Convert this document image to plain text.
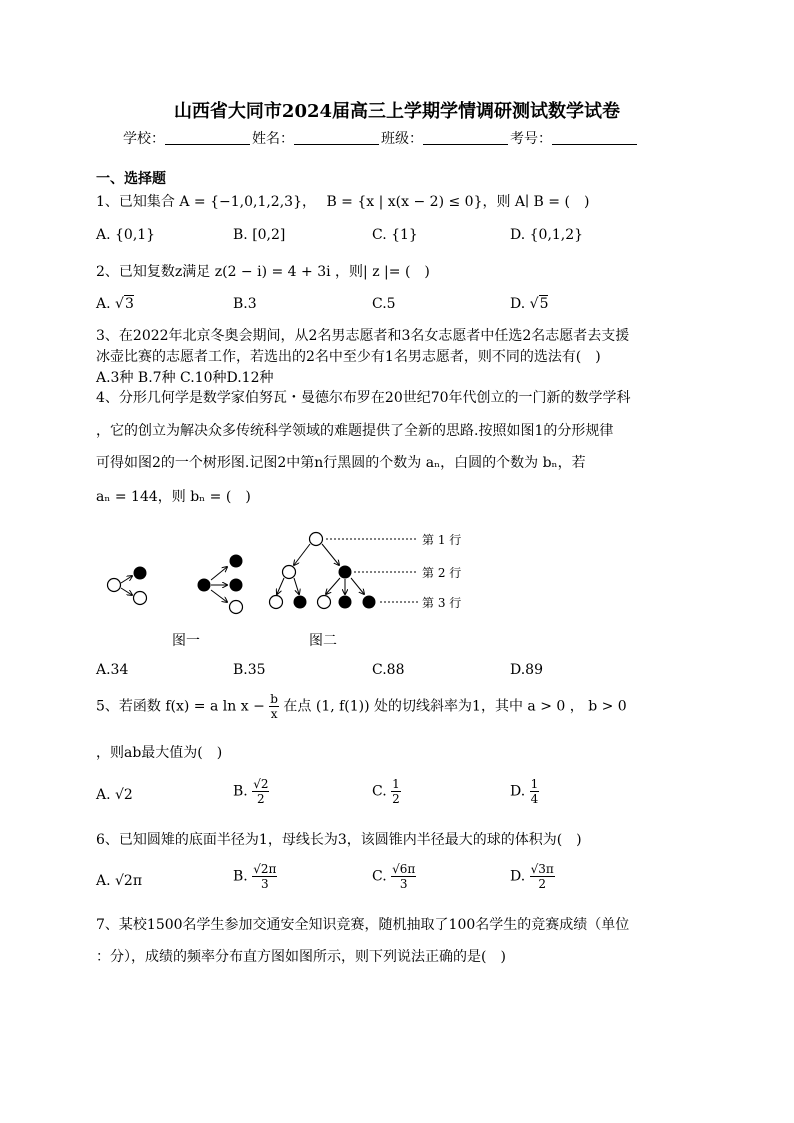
山西省大同市2024届高三上学期学情调研测试数学试卷
学校：	姓名：	班级：	考号：
一、选择题
1、已知集合 A = {−1,0,1,2,3}， B = {x | x(x − 2) ≤ 0}，则 A∣ B = (　)
A. {0,1}	B. [0,2]	C. {1}	D. {0,1,2}
2、已知复数z满足 z(2 − i) = 4 + 3i ，则| z |= (　)
A. √3	B.3	C.5	D. √5
3、在2022年北京冬奥会期间，从2名男志愿者和3名女志愿者中任选2名志愿者去支援
冰壶比赛的志愿者工作，若选出的2名中至少有1名男志愿者，则不同的选法有(　)
A.3种 B.7种 C.10种D.12种
4、分形几何学是数学家伯努瓦・曼德尔布罗在20世纪70年代创立的一门新的数学学科
，它的创立为解决众多传统科学领域的难题提供了全新的思路.按照如图1的分形规律
可得如图2的一个树形图.记图2中第n行黑圆的个数为 aₙ，白圆的个数为 bₙ，若
aₙ = 144，则 bₙ = (　)
图一
第 1 行
第 2 行
第 3 行
图二
A.34	B.35	C.88	D.89
5、若函数 f(x) = a $\ln x - \frac{b}{x}$ 在点 (1, f(1)) 处的切线斜率为1，其中 a > 0 ， b > 0
，则ab最大值为(　)
A. √2	B. $\frac{√2}{2}$	C. $\frac{1}{2}$	D. $\frac{1}{4}$
6、已知圆雉的底面半径为1，母线长为3，该圆锥内半径最大的球的体积为(　)
A. √2π	B. $\frac{√2\pi}{3}$	C. $\frac{√6\pi}{3}$	D. $\frac{√3\pi}{2}$
7、某校1500名学生参加交通安全知识竞赛，随机抽取了100名学生的竞赛成绩（单位
：分），成绩的频率分布直方图如图所示，则下列说法正确的是(　)
